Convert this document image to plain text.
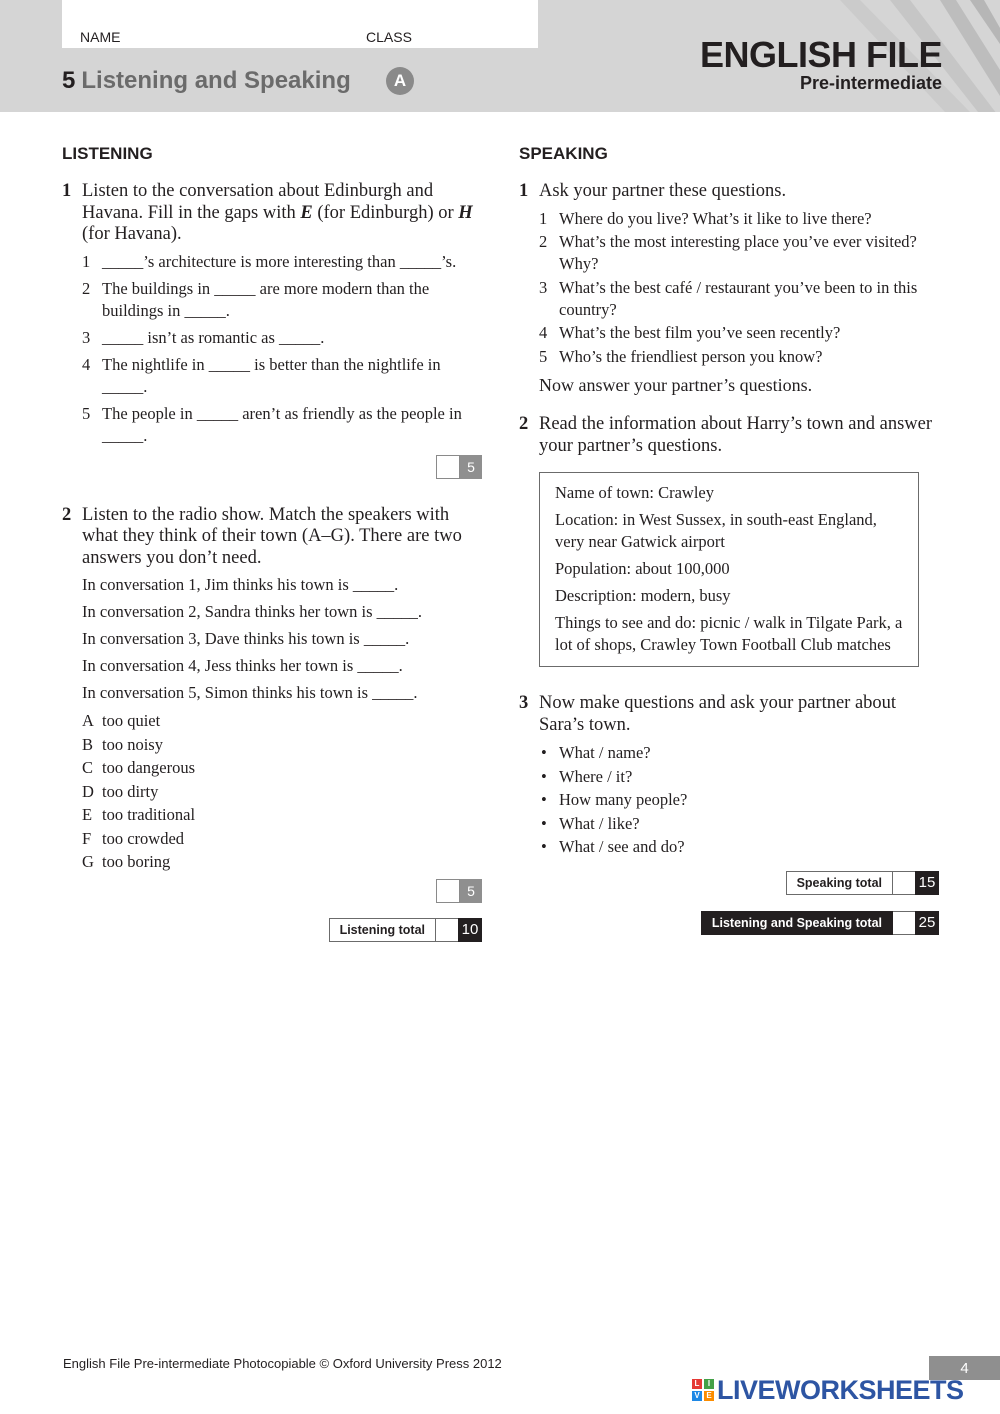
NAME	CLASS
5 Listening and Speaking	A
ENGLISH FILE
Pre-intermediate
LISTENING
1 Listen to the conversation about Edinburgh and Havana. Fill in the gaps with E (for Edinburgh) or H (for Havana).
1 _____’s architecture is more interesting than _____’s.
2 The buildings in _____ are more modern than the buildings in _____.
3 _____ isn’t as romantic as _____.
4 The nightlife in _____ is better than the nightlife in _____.
5 The people in _____ aren’t as friendly as the people in _____.
5
2 Listen to the radio show. Match the speakers with what they think of their town (A–G). There are two answers you don’t need.
In conversation 1, Jim thinks his town is _____.
In conversation 2, Sandra thinks her town is _____.
In conversation 3, Dave thinks his town is _____.
In conversation 4, Jess thinks her town is _____.
In conversation 5, Simon thinks his town is _____.
A too quiet
B too noisy
C too dangerous
D too dirty
E too traditional
F too crowded
G too boring
5
Listening total	10
SPEAKING
1 Ask your partner these questions.
1 Where do you live? What’s it like to live there?
2 What’s the most interesting place you’ve ever visited? Why?
3 What’s the best café / restaurant you’ve been to in this country?
4 What’s the best film you’ve seen recently?
5 Who’s the friendliest person you know?
Now answer your partner’s questions.
2 Read the information about Harry’s town and answer your partner’s questions.
Name of town: Crawley
Location: in West Sussex, in south-east England, very near Gatwick airport
Population: about 100,000
Description: modern, busy
Things to see and do: picnic / walk in Tilgate Park, a lot of shops, Crawley Town Football Club matches
3 Now make questions and ask your partner about Sara’s town.
• What / name?
• Where / it?
• How many people?
• What / like?
• What / see and do?
Speaking total	15
Listening and Speaking total	25
English File Pre-intermediate Photocopiable © Oxford University Press 2012	4
L	I
V E LIVEWORKSHEETS
